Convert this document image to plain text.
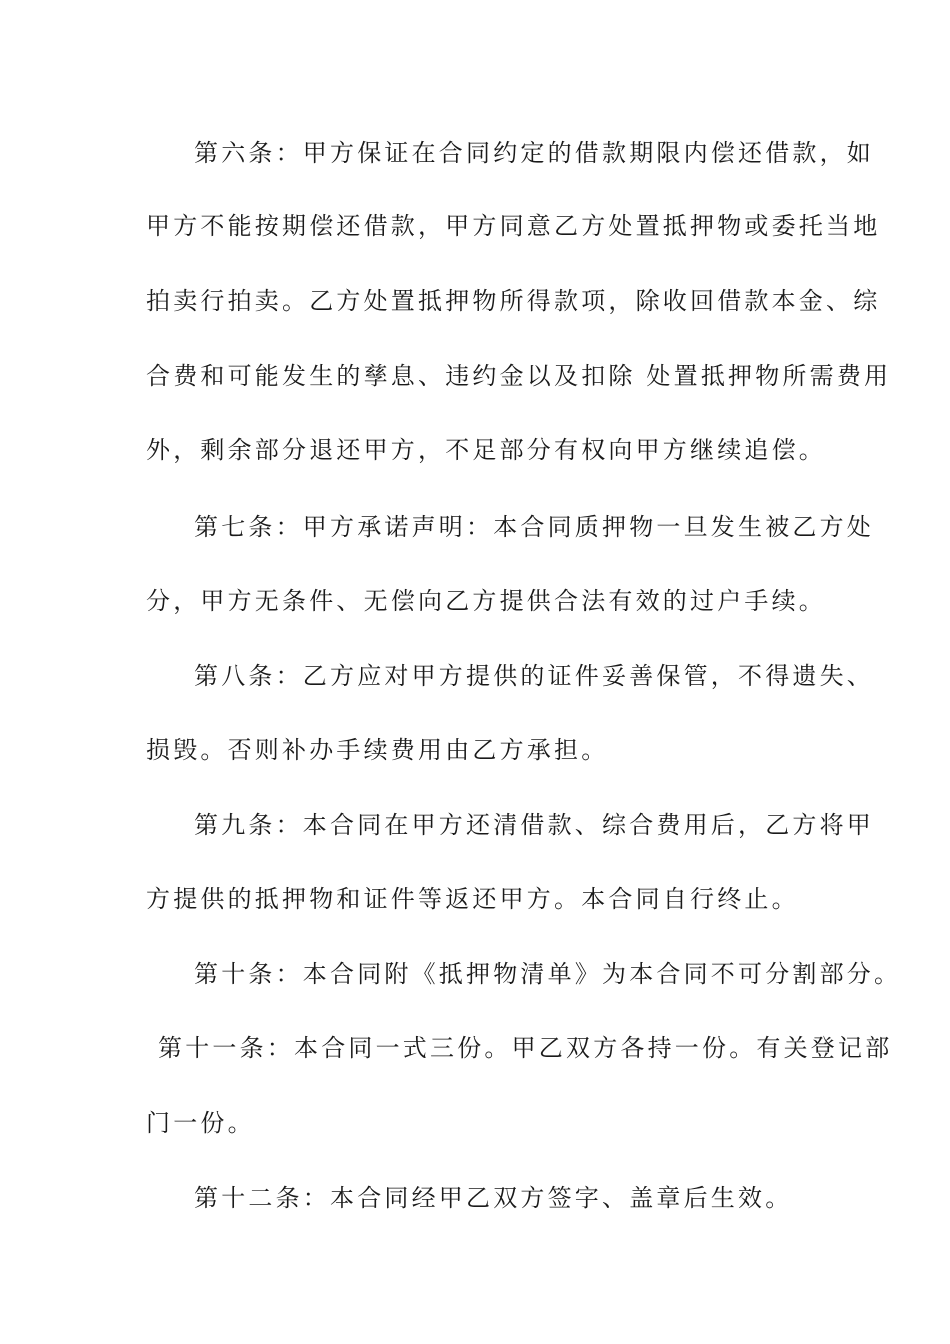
第六条：甲方保证在合同约定的借款期限内偿还借款，如
甲方不能按期偿还借款，甲方同意乙方处置抵押物或委托当地
拍卖行拍卖。乙方处置抵押物所得款项，除收回借款本金、综
合费和可能发生的孳息、违约金以及扣除 处置抵押物所需费用
外，剩余部分退还甲方，不足部分有权向甲方继续追偿。
第七条：甲方承诺声明：本合同质押物一旦发生被乙方处
分，甲方无条件、无偿向乙方提供合法有效的过户手续。
第八条：乙方应对甲方提供的证件妥善保管，不得遗失、
损毁。否则补办手续费用由乙方承担。
第九条：本合同在甲方还清借款、综合费用后，乙方将甲
方提供的抵押物和证件等返还甲方。本合同自行终止。
第十条：本合同附《抵押物清单》为本合同不可分割部分。
第十一条：本合同一式三份。甲乙双方各持一份。有关登记部
门一份。
第十二条：本合同经甲乙双方签字、盖章后生效。
